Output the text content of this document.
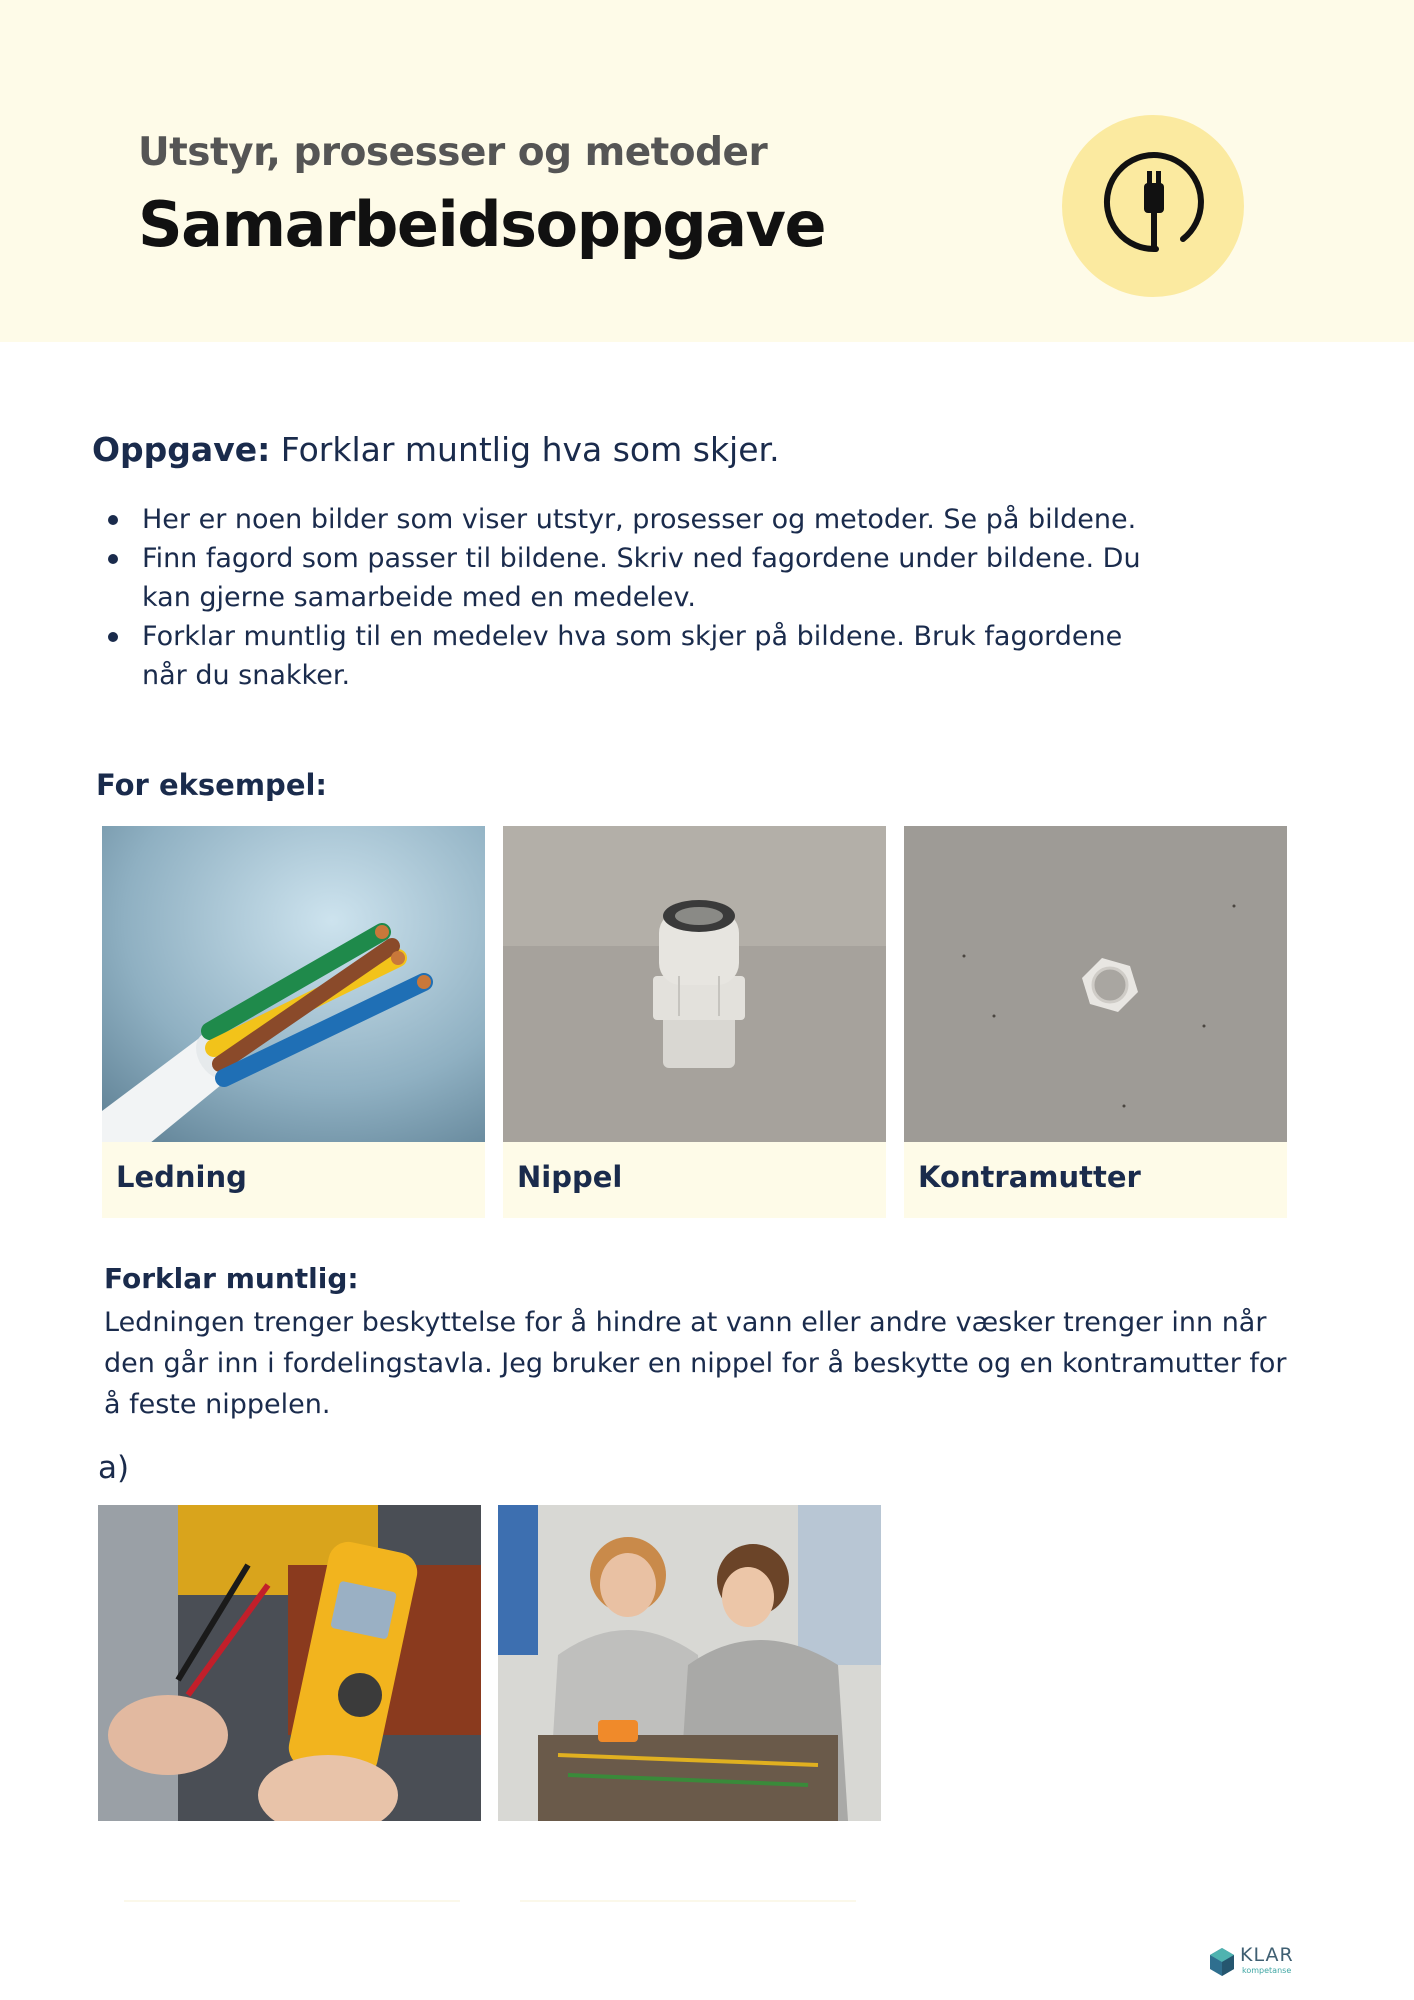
Utstyr, prosesser og metoder
Samarbeidsoppgave
Oppgave: Forklar muntlig hva som skjer.
Her er noen bilder som viser utstyr, prosesser og metoder. Se på bildene.
Finn fagord som passer til bildene. Skriv ned fagordene under bildene. Du kan gjerne samarbeide med en medelev.
Forklar muntlig til en medelev hva som skjer på bildene. Bruk fagordene når du snakker.
For eksempel:
Ledning	Nippel	Kontramutter
Forklar muntlig:
Ledningen trenger beskyttelse for å hindre at vann eller andre væsker trenger inn når den går inn i fordelingstavla. Jeg bruker en nippel for å beskytte og en kontramutter for å feste nippelen.
a)
KLAR
kompetanse
